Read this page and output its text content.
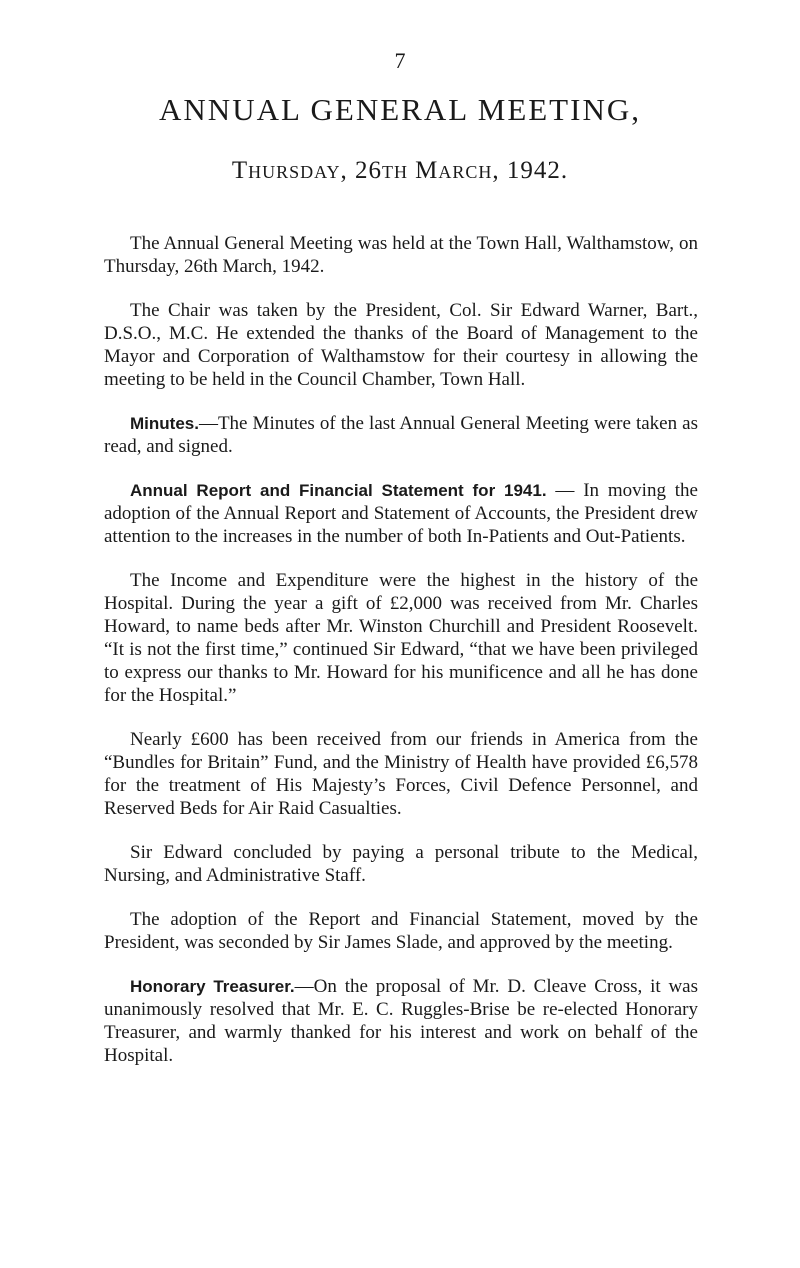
7
ANNUAL GENERAL MEETING,
Thursday, 26th March, 1942.

The Annual General Meeting was held at the Town Hall, Walthamstow, on Thursday, 26th March, 1942.

The Chair was taken by the President, Col. Sir Edward Warner, Bart., D.S.O., M.C. He extended the thanks of the Board of Management to the Mayor and Corporation of Walthamstow for their courtesy in allowing the meeting to be held in the Council Chamber, Town Hall.

Minutes.—The Minutes of the last Annual General Meeting were taken as read, and signed.

Annual Report and Financial Statement for 1941. — In moving the adoption of the Annual Report and Statement of Accounts, the President drew attention to the increases in the number of both In-Patients and Out-Patients.

The Income and Expenditure were the highest in the history of the Hospital. During the year a gift of £2,000 was received from Mr. Charles Howard, to name beds after Mr. Winston Churchill and President Roosevelt. “It is not the first time,” continued Sir Edward, “that we have been privileged to express our thanks to Mr. Howard for his munificence and all he has done for the Hospital.”

Nearly £600 has been received from our friends in America from the “Bundles for Britain” Fund, and the Ministry of Health have provided £6,578 for the treatment of His Majesty’s Forces, Civil Defence Personnel, and Reserved Beds for Air Raid Casualties.

Sir Edward concluded by paying a personal tribute to the Medical, Nursing, and Administrative Staff.

The adoption of the Report and Financial Statement, moved by the President, was seconded by Sir James Slade, and approved by the meeting.

Honorary Treasurer.—On the proposal of Mr. D. Cleave Cross, it was unanimously resolved that Mr. E. C. Ruggles-Brise be re-elected Honorary Treasurer, and warmly thanked for his interest and work on behalf of the Hospital.
